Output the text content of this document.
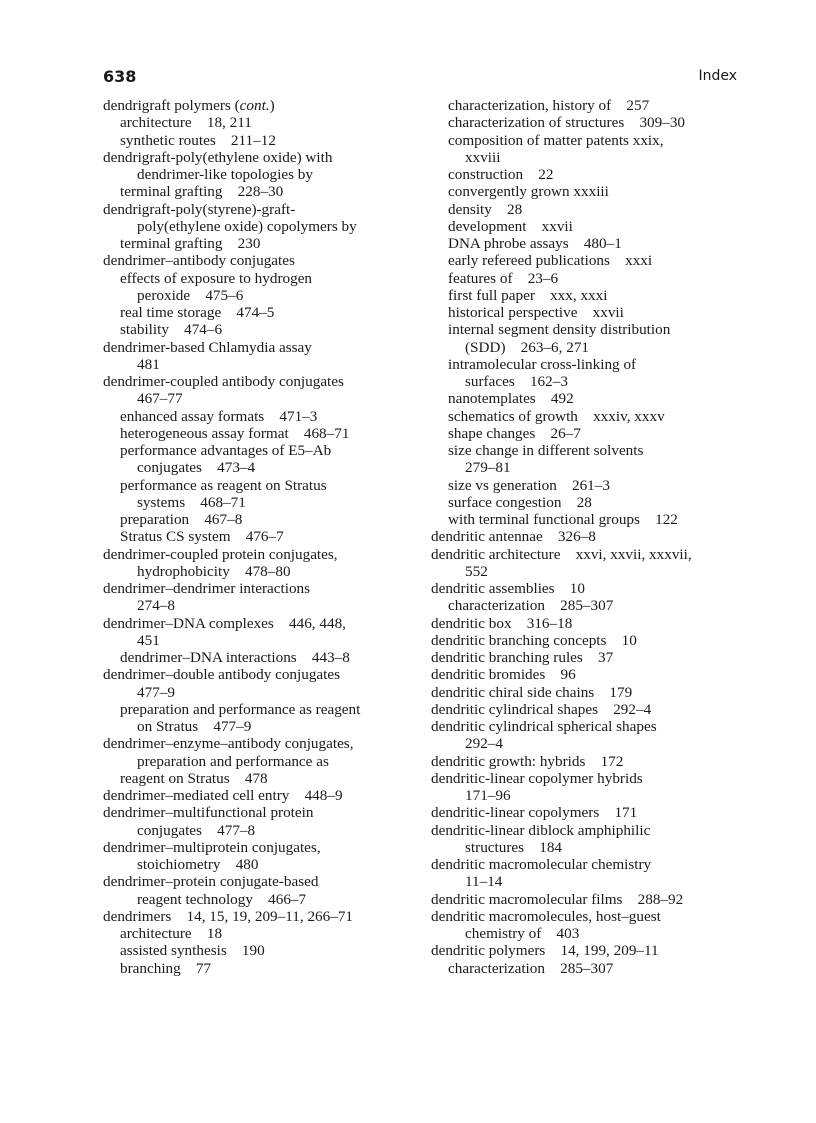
638	Index
dendrigraft polymers (cont.)
architecture 18, 211
synthetic routes 211–12
dendrigraft-poly(ethylene oxide) with
dendrimer-like topologies by
terminal grafting 228–30
dendrigraft-poly(styrene)-graft-
poly(ethylene oxide) copolymers by
terminal grafting 230
dendrimer–antibody conjugates
effects of exposure to hydrogen
peroxide 475–6
real time storage 474–5
stability 474–6
dendrimer-based Chlamydia assay
481
dendrimer-coupled antibody conjugates
467–77
enhanced assay formats 471–3
heterogeneous assay format 468–71
performance advantages of E5–Ab
conjugates 473–4
performance as reagent on Stratus
systems 468–71
preparation 467–8
Stratus CS system 476–7
dendrimer-coupled protein conjugates,
hydrophobicity 478–80
dendrimer–dendrimer interactions
274–8
dendrimer–DNA complexes 446, 448,
451
dendrimer–DNA interactions 443–8
dendrimer–double antibody conjugates
477–9
preparation and performance as reagent
on Stratus 477–9
dendrimer–enzyme–antibody conjugates,
preparation and performance as
reagent on Stratus 478
dendrimer–mediated cell entry 448–9
dendrimer–multifunctional protein
conjugates 477–8
dendrimer–multiprotein conjugates,
stoichiometry 480
dendrimer–protein conjugate-based
reagent technology 466–7
dendrimers 14, 15, 19, 209–11, 266–71
architecture 18
assisted synthesis 190
branching 77
characterization, history of 257
characterization of structures 309–30
composition of matter patents xxix,
xxviii
construction 22
convergently grown xxxiii
density 28
development xxvii
DNA phrobe assays 480–1
early refereed publications xxxi
features of 23–6
first full paper xxx, xxxi
historical perspective xxvii
internal segment density distribution
(SDD) 263–6, 271
intramolecular cross-linking of
surfaces 162–3
nanotemplates 492
schematics of growth xxxiv, xxxv
shape changes 26–7
size change in different solvents
279–81
size vs generation 261–3
surface congestion 28
with terminal functional groups 122
dendritic antennae 326–8
dendritic architecture xxvi, xxvii, xxxvii,
552
dendritic assemblies 10
characterization 285–307
dendritic box 316–18
dendritic branching concepts 10
dendritic branching rules 37
dendritic bromides 96
dendritic chiral side chains 179
dendritic cylindrical shapes 292–4
dendritic cylindrical spherical shapes
292–4
dendritic growth: hybrids 172
dendritic-linear copolymer hybrids
171–96
dendritic-linear copolymers 171
dendritic-linear diblock amphiphilic
structures 184
dendritic macromolecular chemistry
11–14
dendritic macromolecular films 288–92
dendritic macromolecules, host–guest
chemistry of 403
dendritic polymers 14, 199, 209–11
characterization 285–307
